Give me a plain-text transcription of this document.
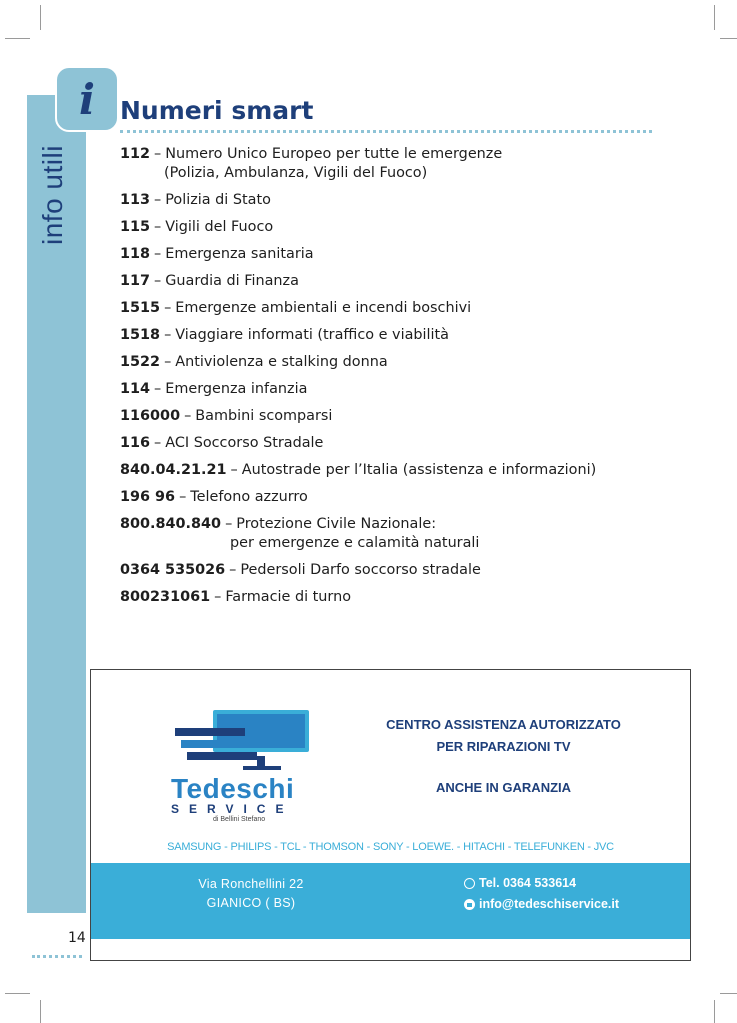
info utili
i Numeri smart
112 – Numero Unico Europeo per tutte le emergenze
(Polizia, Ambulanza, Vigili del Fuoco)
113 – Polizia di Stato
115 – Vigili del Fuoco
118 – Emergenza sanitaria
117 – Guardia di Finanza
1515 – Emergenze ambientali e incendi boschivi
1518 – Viaggiare informati (traffico e viabilità
1522 – Antiviolenza e stalking donna
114 – Emergenza infanzia
116000 – Bambini scomparsi
116 – ACI Soccorso Stradale
840.04.21.21 – Autostrade per l’Italia (assistenza e informazioni)
196 96 – Telefono azzurro
800.840.840 – Protezione Civile Nazionale:
per emergenze e calamità naturali
0364 535026 – Pedersoli Darfo soccorso stradale
800231061 – Farmacie di turno
Tedeschi
SERVICE
di Bellini Stefano
CENTRO ASSISTENZA AUTORIZZATO
PER RIPARAZIONI TV
ANCHE IN GARANZIA
SAMSUNG - PHILIPS - TCL - THOMSON - SONY - LOEWE. - HITACHI - TELEFUNKEN - JVC
Via Ronchellini 22
GIANICO ( BS)
Tel. 0364 533614
info@tedeschiservice.it
14
